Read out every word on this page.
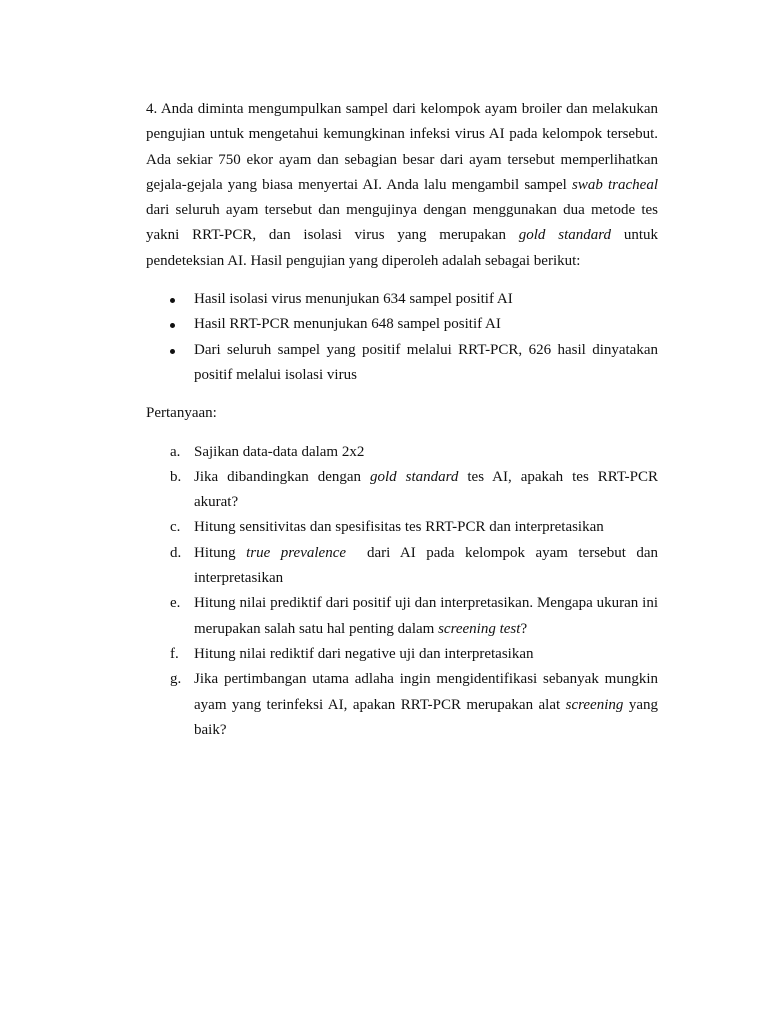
4. Anda diminta mengumpulkan sampel dari kelompok ayam broiler dan melakukan pengujian untuk mengetahui kemungkinan infeksi virus AI pada kelompok tersebut. Ada sekiar 750 ekor ayam dan sebagian besar dari ayam tersebut memperlihatkan gejala-gejala yang biasa menyertai AI. Anda lalu mengambil sampel swab tracheal dari seluruh ayam tersebut dan mengujinya dengan menggunakan dua metode tes yakni RRT-PCR, dan isolasi virus yang merupakan gold standard untuk pendeteksian AI. Hasil pengujian yang diperoleh adalah sebagai berikut:

Hasil isolasi virus menunjukan 634 sampel positif AI
Hasil RRT-PCR menunjukan 648 sampel positif AI
Dari seluruh sampel yang positif melalui RRT-PCR, 626 hasil dinyatakan positif melalui isolasi virus

Pertanyaan:

a. Sajikan data-data dalam 2x2
b. Jika dibandingkan dengan gold standard tes AI, apakah tes RRT-PCR akurat?
c. Hitung sensitivitas dan spesifisitas tes RRT-PCR dan interpretasikan
d. Hitung true prevalence  dari AI pada kelompok ayam tersebut dan interpretasikan
e. Hitung nilai prediktif dari positif uji dan interpretasikan. Mengapa ukuran ini merupakan salah satu hal penting dalam screening test?
f. Hitung nilai rediktif dari negative uji dan interpretasikan
g. Jika pertimbangan utama adlaha ingin mengidentifikasi sebanyak mungkin ayam yang terinfeksi AI, apakan RRT-PCR merupakan alat screening yang baik?
